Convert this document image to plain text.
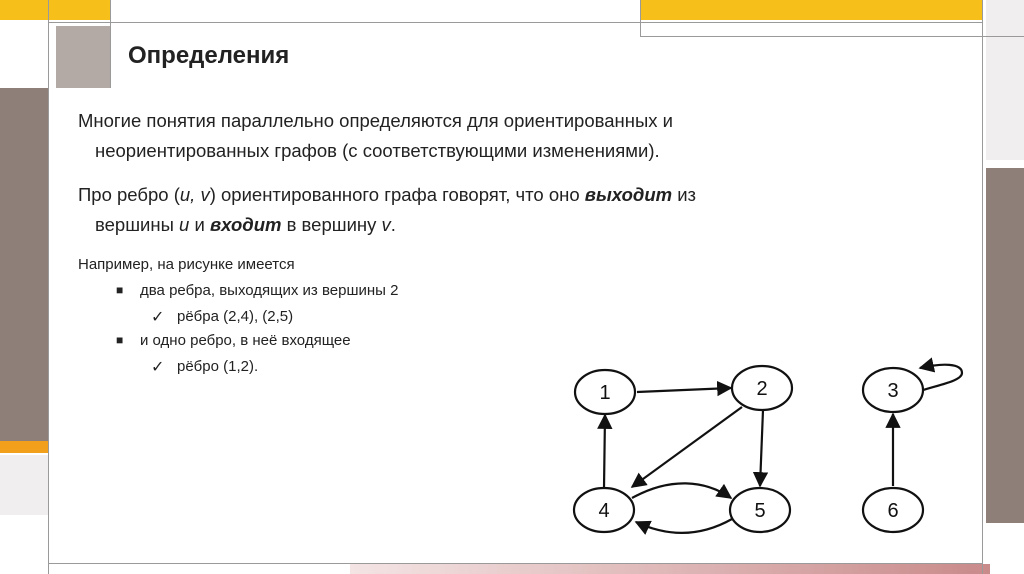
Определения
Многие понятия параллельно определяются для ориентированных и
неориентированных графов (с соответствующими изменениями).
Про ребро (u, v) ориентированного графа говорят, что оно выходит из
вершины u и входит в вершину v.
Например, на рисунке имеется
■ два ребра, выходящих из вершины 2
✓ рёбра (2,4), (2,5)
■ и одно ребро, в неё входящее
✓ рёбро (1,2).
1	2	3
4	5	6
